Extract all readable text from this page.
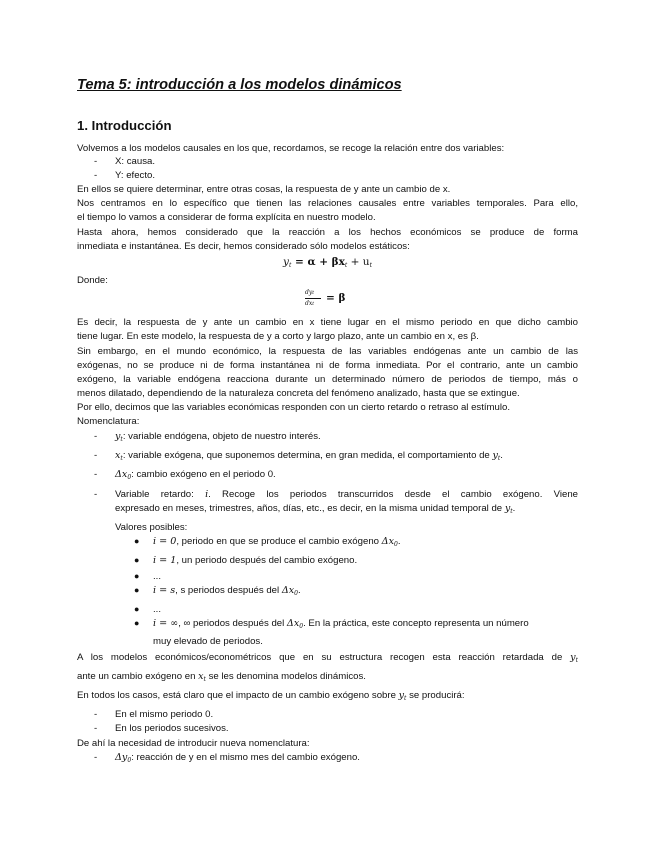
Tema 5: introducción a los modelos dinámicos

1. Introducción

Volvemos a los modelos causales en los que, recordamos, se recoge la relación entre dos variables:

- X: causa.
- Y: efecto.

En ellos se quiere determinar, entre otras cosas, la respuesta de y ante un cambio de x.

Nos centramos en lo específico que tienen las relaciones causales entre variables temporales. Para ello,

el tiempo lo vamos a considerar de forma explícita en nuestro modelo.

Hasta ahora, hemos considerado que la reacción a los hechos económicos se produce de forma

inmediata e instantánea. Es decir, hemos considerado sólo modelos estáticos:

$y_t = \alpha + \beta x_t + u_t$

Donde:

dyt
dxt
= β

Es decir, la respuesta de y ante un cambio en x tiene lugar en el mismo periodo en que dicho cambio

tiene lugar. En este modelo, la respuesta de y a corto y largo plazo, ante un cambio en x, es β.

Sin embargo, en el mundo económico, la respuesta de las variables endógenas ante un cambio de las

exógenas, no se produce ni de forma instantánea ni de forma inmediata. Por el contrario, ante un cambio

exógeno, la variable endógena reacciona durante un determinado número de periodos de tiempo, más o

menos dilatado, dependiendo de la naturaleza concreta del fenómeno analizado, hasta que se extingue.

Por ello, decimos que las variables económicas responden con un cierto retardo o retraso al estímulo.

Nomenclatura:

- $y_t$: variable endógena, objeto de nuestro interés.
- $x_t$: variable exógena, que suponemos determina, en gran medida, el comportamiento de $y_t$.
- $\Delta x_0$: cambio exógeno en el periodo 0.
- Variable retardo: i. Recoge los periodos transcurridos desde el cambio exógeno. Viene

expresado en meses, trimestres, años, días, etc., es decir, en la misma unidad temporal de $y_t$.
Valores posibles:
● i = 0, periodo en que se produce el cambio exógeno $\Delta x_0$.
● i = 1, un periodo después del cambio exógeno.
● ...
● i = s, s periodos después del $\Delta x_0$.
● ...
● i = ∞, ∞ periodos después del $\Delta x_0$. En la práctica, este concepto representa un número
muy elevado de periodos.

A los modelos económicos/econométricos que en su estructura recogen esta reacción retardada de $y_t$

ante un cambio exógeno en $x_t$ se les denomina modelos dinámicos.
En todos los casos, está claro que el impacto de un cambio exógeno sobre $y_t$ se producirá:
- En el mismo periodo 0.
- En los periodos sucesivos.

De ahí la necesidad de introducir nueva nomenclatura:

- $\Delta y_0$: reacción de y en el mismo mes del cambio exógeno.
